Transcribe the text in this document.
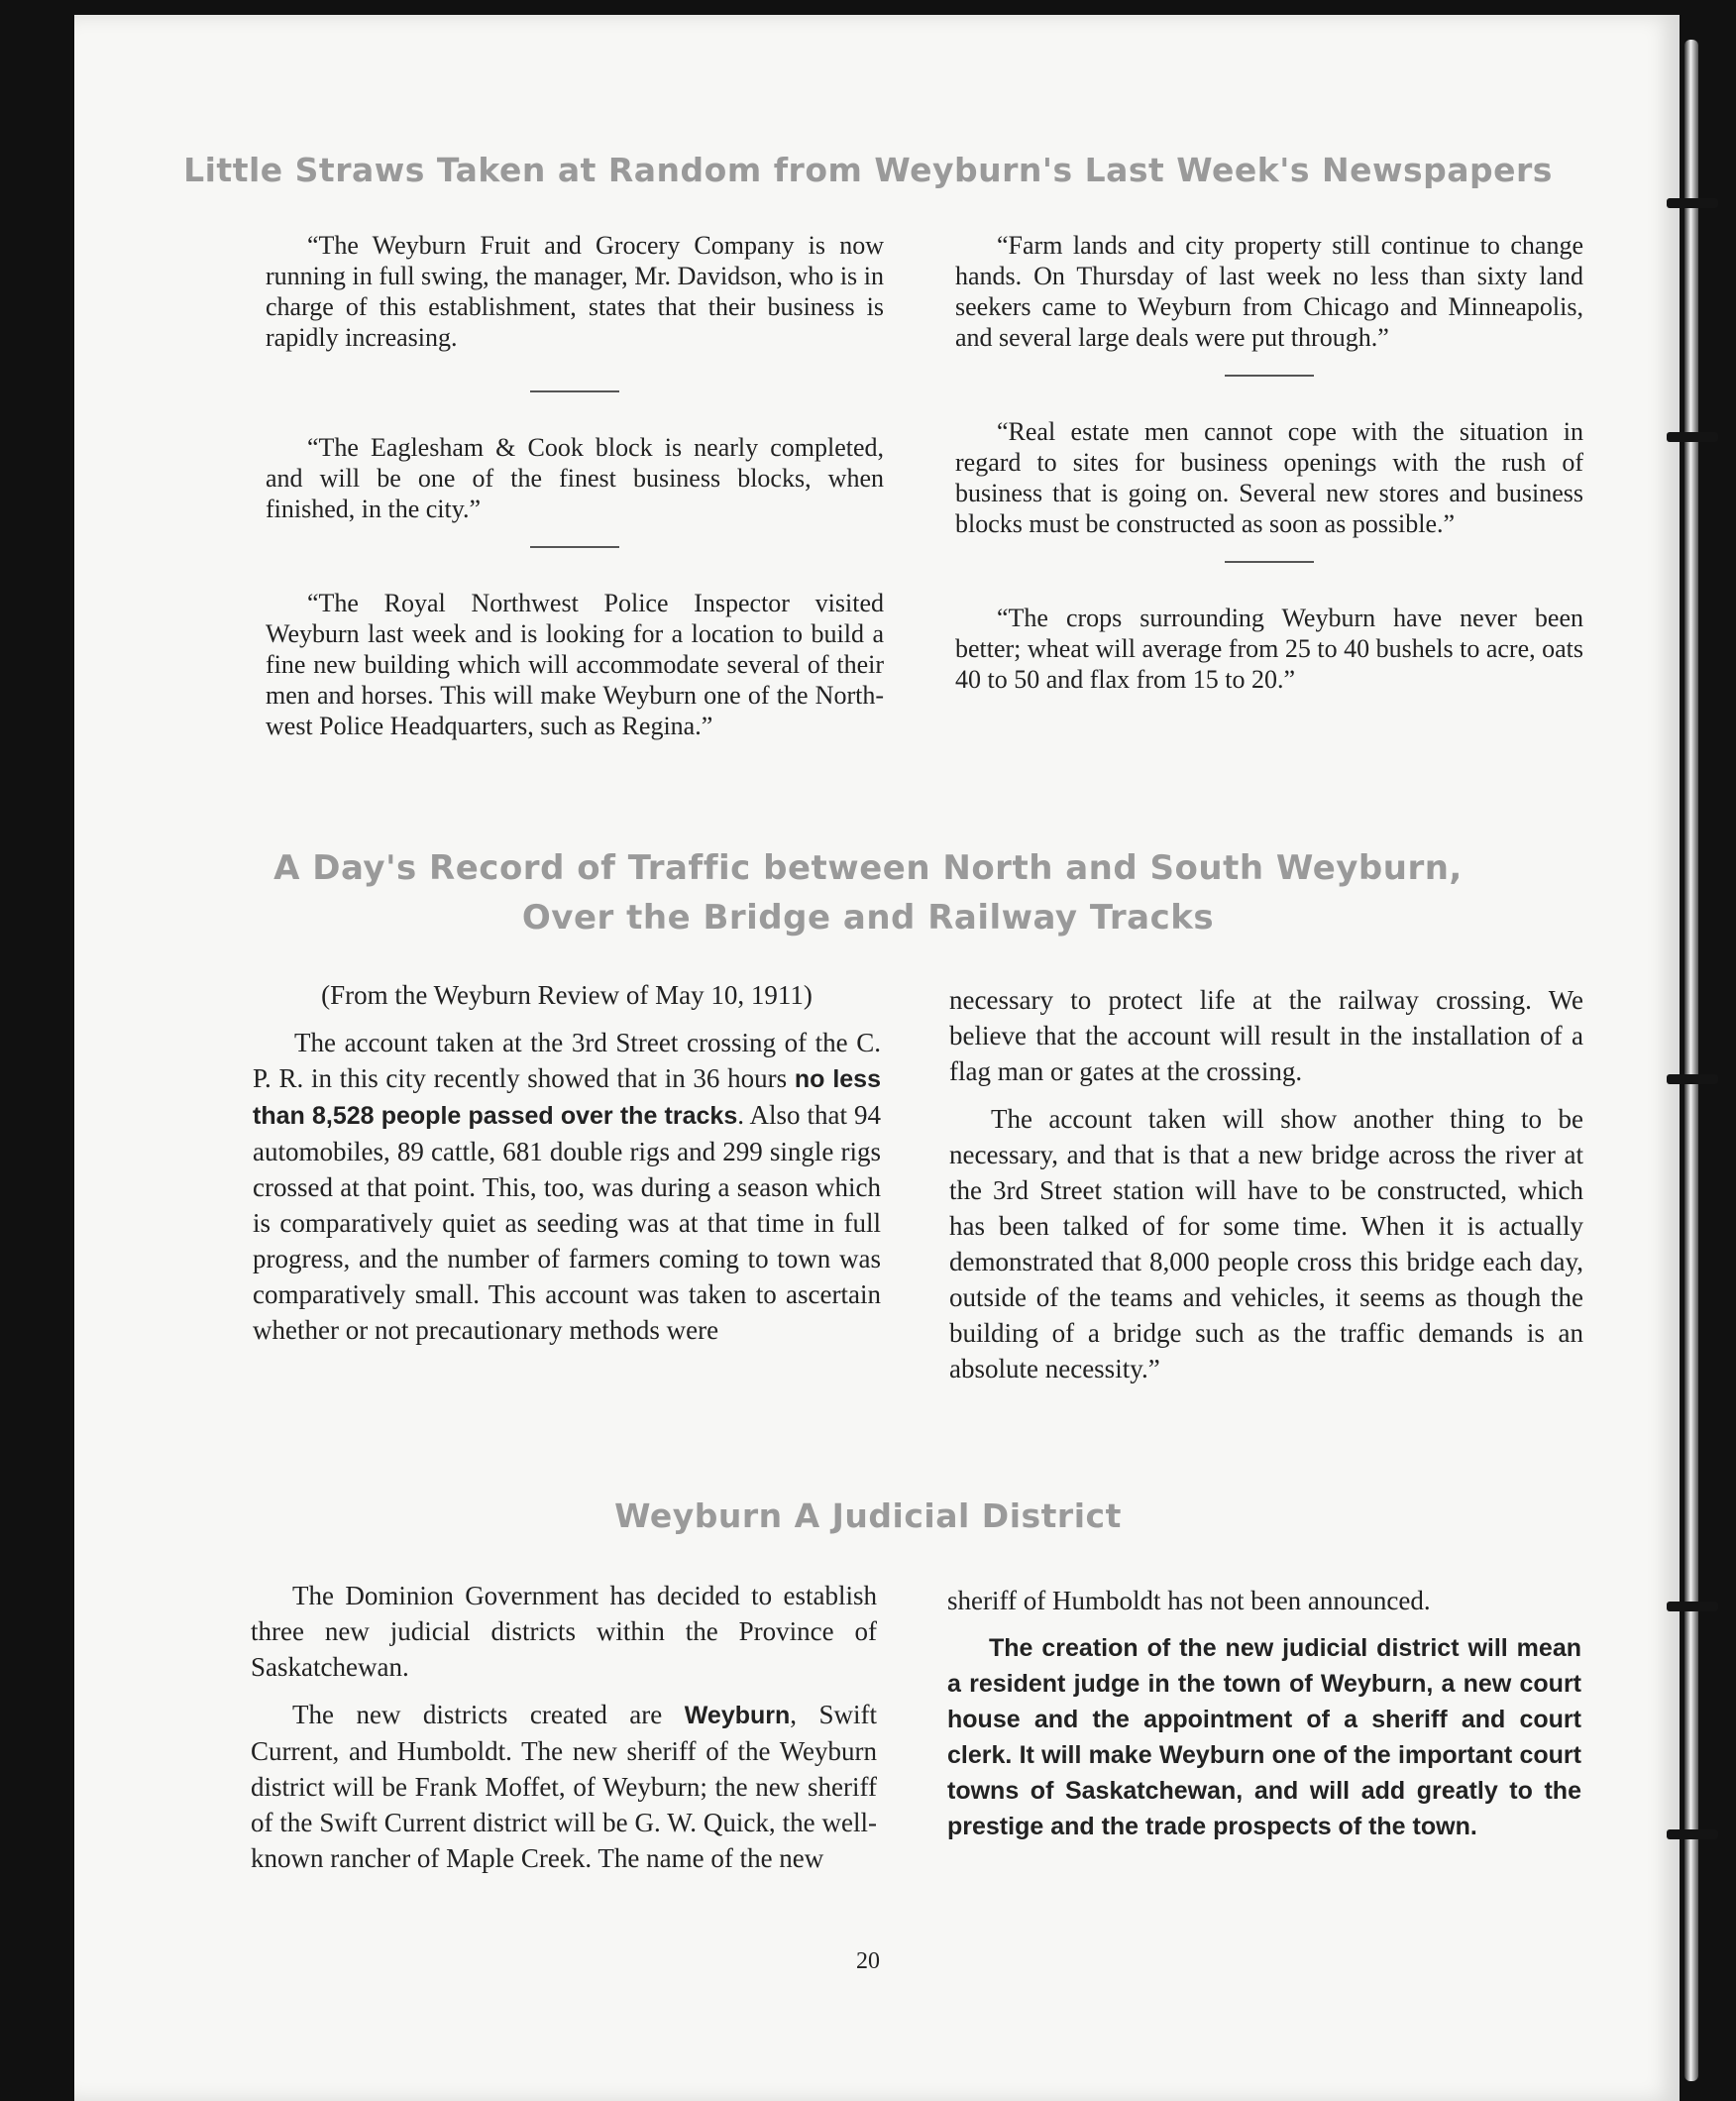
Little Straws Taken at Random from Weyburn's Last Week's Newspapers

“The Weyburn Fruit and Grocery Company is now running in full swing, the manager, Mr. Davidson, who is in charge of this establishment, states that their business is rapidly increasing.

“The Eaglesham & Cook block is nearly completed, and will be one of the finest business blocks, when finished, in the city.”

“The Royal Northwest Police Inspector visited Weyburn last week and is looking for a location to build a fine new building which will accommodate several of their men and horses. This will make Weyburn one of the North-west Police Headquarters, such as Regina.”

“Farm lands and city property still continue to change hands. On Thursday of last week no less than sixty land seekers came to Weyburn from Chicago and Minneapolis, and several large deals were put through.”

“Real estate men cannot cope with the situation in regard to sites for business openings with the rush of business that is going on. Several new stores and business blocks must be constructed as soon as possible.”

“The crops surrounding Weyburn have never been better; wheat will average from 25 to 40 bushels to acre, oats 40 to 50 and flax from 15 to 20.”

A Day's Record of Traffic between North and South Weyburn,
Over the Bridge and Railway Tracks

(From the Weyburn Review of May 10, 1911)

The account taken at the 3rd Street crossing of the C. P. R. in this city recently showed that in 36 hours no less than 8,528 people passed over the tracks. Also that 94 automobiles, 89 cattle, 681 double rigs and 299 single rigs crossed at that point. This, too, was during a season which is comparatively quiet as seeding was at that time in full progress, and the number of farmers coming to town was comparatively small. This account was taken to ascertain whether or not precautionary methods were

necessary to protect life at the railway crossing. We believe that the account will result in the installation of a flag man or gates at the crossing.

The account taken will show another thing to be necessary, and that is that a new bridge across the river at the 3rd Street station will have to be constructed, which has been talked of for some time. When it is actually demonstrated that 8,000 people cross this bridge each day, outside of the teams and vehicles, it seems as though the building of a bridge such as the traffic demands is an absolute necessity.”

Weyburn A Judicial District

The Dominion Government has decided to establish three new judicial districts within the Province of Saskatchewan.

The new districts created are Weyburn, Swift Current, and Humboldt. The new sheriff of the Weyburn district will be Frank Moffet, of Weyburn; the new sheriff of the Swift Current district will be G. W. Quick, the well-known rancher of Maple Creek. The name of the new

sheriff of Humboldt has not been announced.

The creation of the new judicial district will mean a resident judge in the town of Weyburn, a new court house and the appointment of a sheriff and court clerk. It will make Weyburn one of the important court towns of Saskatchewan, and will add greatly to the prestige and the trade prospects of the town.

20
